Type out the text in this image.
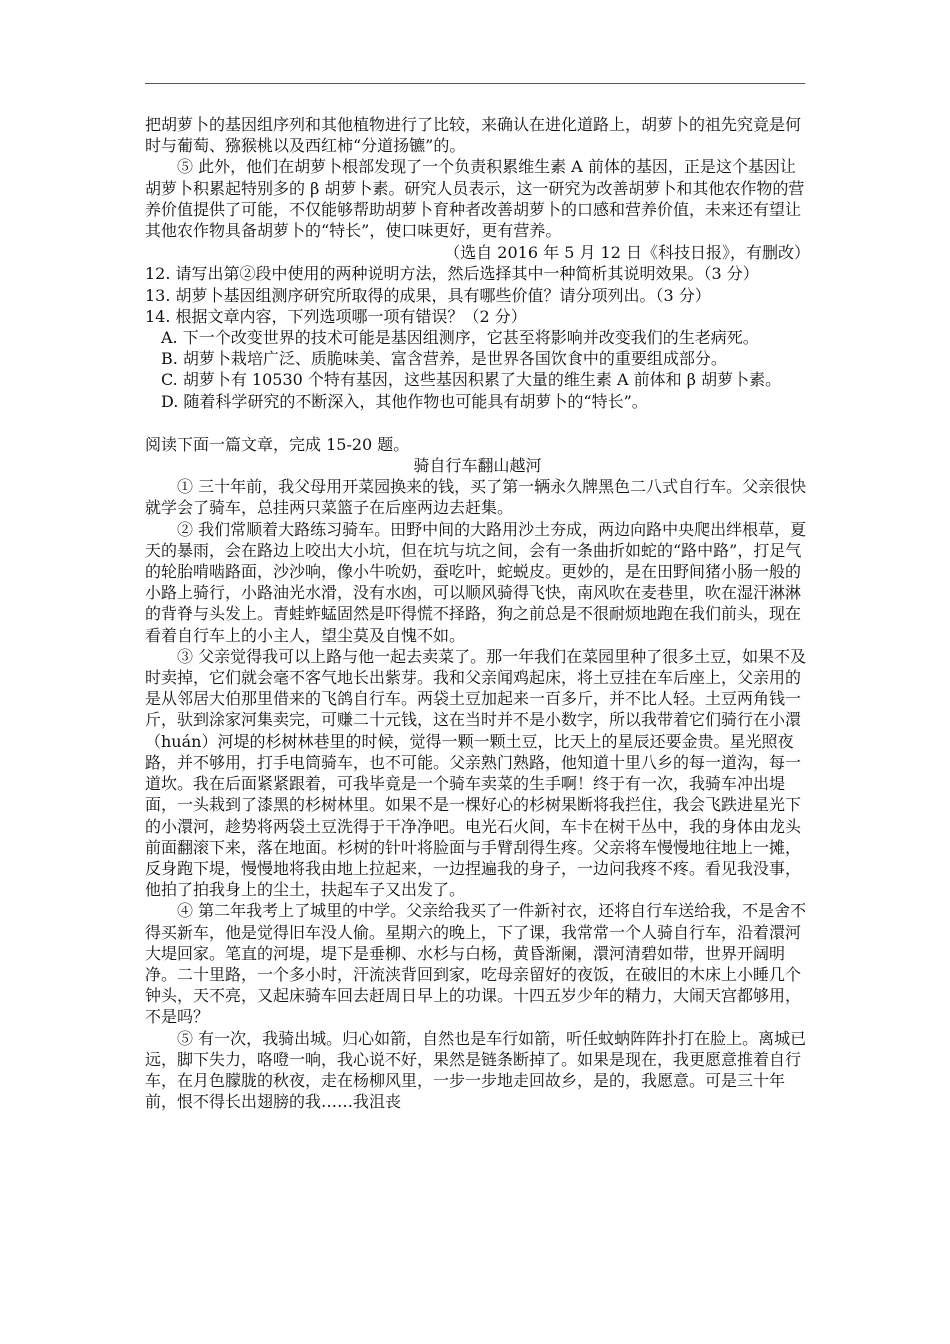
把胡萝卜的基因组序列和其他植物进行了比较，来确认在进化道路上，胡萝卜的祖先究竟是何时与葡萄、猕猴桃以及西红柿“分道扬镳”的。

⑤ 此外，他们在胡萝卜根部发现了一个负责积累维生素 A 前体的基因，正是这个基因让胡萝卜积累起特别多的 β 胡萝卜素。研究人员表示，这一研究为改善胡萝卜和其他农作物的营养价值提供了可能，不仅能够帮助胡萝卜育种者改善胡萝卜的口感和营养价值，未来还有望让其他农作物具备胡萝卜的“特长”，使口味更好，更有营养。

（选自 2016 年 5 月 12 日《科技日报》，有删改）

12. 请写出第②段中使用的两种说明方法，然后选择其中一种简析其说明效果。（3 分）

13. 胡萝卜基因组测序研究所取得的成果，具有哪些价值？请分项列出。（3 分）

14. 根据文章内容，下列选项哪一项有错误？（2 分）

A. 下一个改变世界的技术可能是基因组测序，它甚至将影响并改变我们的生老病死。

B. 胡萝卜栽培广泛、质脆味美、富含营养，是世界各国饮食中的重要组成部分。

C. 胡萝卜有 10530 个特有基因，这些基因积累了大量的维生素 A 前体和 β 胡萝卜素。

D. 随着科学研究的不断深入，其他作物也可能具有胡萝卜的“特长”。

阅读下面一篇文章，完成 15-20 题。

骑自行车翻山越河

① 三十年前，我父母用开菜园换来的钱，买了第一辆永久牌黑色二八式自行车。父亲很快就学会了骑车，总挂两只菜篮子在后座两边去赶集。

② 我们常顺着大路练习骑车。田野中间的大路用沙土夯成，两边向路中央爬出绊根草，夏天的暴雨，会在路边上咬出大小坑，但在坑与坑之间，会有一条曲折如蛇的“路中路”，打足气的轮胎啃啮路面，沙沙响，像小牛吮奶，蚕吃叶，蛇蜕皮。更妙的，是在田野间猪小肠一般的小路上骑行，小路油光水滑，没有水凼，可以顺风骑得飞快，南风吹在麦巷里，吹在湿汗淋淋的背脊与头发上。青蛙蚱蜢固然是吓得慌不择路，狗之前总是不很耐烦地跑在我们前头，现在看着自行车上的小主人，望尘莫及自愧不如。

③ 父亲觉得我可以上路与他一起去卖菜了。那一年我们在菜园里种了很多土豆，如果不及时卖掉，它们就会毫不客气地长出紫芽。我和父亲闻鸡起床，将土豆挂在车后座上，父亲用的是从邻居大伯那里借来的飞鸽自行车。两袋土豆加起来一百多斤，并不比人轻。土豆两角钱一斤，驮到涂家河集卖完，可赚二十元钱，这在当时并不是小数字，所以我带着它们骑行在小澴（huán）河堤的杉树林巷里的时候，觉得一颗一颗土豆，比天上的星辰还要金贵。星光照夜路，并不够用，打手电筒骑车，也不可能。父亲熟门熟路，他知道十里八乡的每一道沟，每一道坎。我在后面紧紧跟着，可我毕竟是一个骑车卖菜的生手啊！终于有一次，我骑车冲出堤面，一头栽到了漆黑的杉树林里。如果不是一棵好心的杉树果断将我拦住，我会飞跌进星光下的小澴河，趁势将两袋土豆洗得于干净净吧。电光石火间，车卡在树干丛中，我的身体由龙头前面翻滚下来，落在地面。杉树的针叶将脸面与手臂刮得生疼。父亲将车慢慢地往地上一摊，反身跑下堤，慢慢地将我由地上拉起来，一边捏遍我的身子，一边问我疼不疼。看见我没事，他拍了拍我身上的尘土，扶起车子又出发了。

④ 第二年我考上了城里的中学。父亲给我买了一件新衬衣，还将自行车送给我，不是舍不得买新车，他是觉得旧车没人偷。星期六的晚上，下了课，我常常一个人骑自行车，沿着澴河大堤回家。笔直的河堤，堤下是垂柳、水杉与白杨，黄昏渐阑，澴河清碧如带，世界开阔明净。二十里路，一个多小时，汗流浃背回到家，吃母亲留好的夜饭，在破旧的木床上小睡几个钟头，天不亮，又起床骑车回去赶周日早上的功课。十四五岁少年的精力，大闹天宫都够用，不是吗？

⑤ 有一次，我骑出城。归心如箭，自然也是车行如箭，听任蚊蚋阵阵扑打在脸上。离城已远，脚下失力，咯噔一响，我心说不好，果然是链条断掉了。如果是现在，我更愿意推着自行车，在月色朦胧的秋夜，走在杨柳风里，一步一步地走回故乡，是的，我愿意。可是三十年前，恨不得长出翅膀的我……我沮丧
